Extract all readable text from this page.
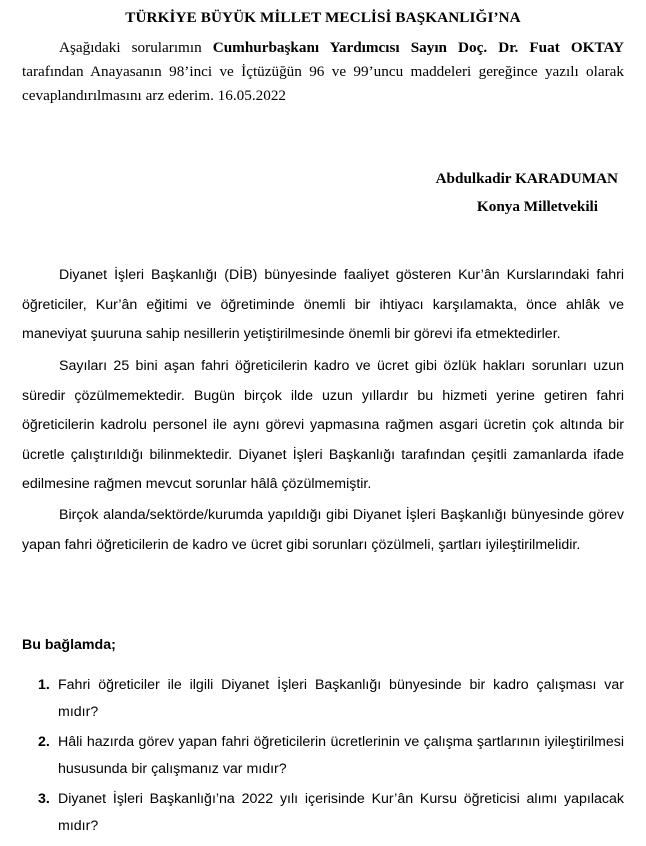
TÜRKİYE BÜYÜK MİLLET MECLİSİ BAŞKANLIĞI’NA

Aşağıdaki sorularımın Cumhurbaşkanı Yardımcısı Sayın Doç. Dr. Fuat OKTAY tarafından Anayasanın 98’inci ve İçtüzüğün 96 ve 99’uncu maddeleri gereğince yazılı olarak cevaplandırılmasını arz ederim. 16.05.2022

Abdulkadir KARADUMAN
Konya Milletvekili

Diyanet İşleri Başkanlığı (DİB) bünyesinde faaliyet gösteren Kur’ân Kurslarındaki fahri öğreticiler, Kur’ân eğitimi ve öğretiminde önemli bir ihtiyacı karşılamakta, önce ahlâk ve maneviyat şuuruna sahip nesillerin yetiştirilmesinde önemli bir görevi ifa etmektedirler.

Sayıları 25 bini aşan fahri öğreticilerin kadro ve ücret gibi özlük hakları sorunları uzun süredir çözülmemektedir. Bugün birçok ilde uzun yıllardır bu hizmeti yerine getiren fahri öğreticilerin kadrolu personel ile aynı görevi yapmasına rağmen asgari ücretin çok altında bir ücretle çalıştırıldığı bilinmektedir. Diyanet İşleri Başkanlığı tarafından çeşitli zamanlarda ifade edilmesine rağmen mevcut sorunlar hâlâ çözülmemiştir.

Birçok alanda/sektörde/kurumda yapıldığı gibi Diyanet İşleri Başkanlığı bünyesinde görev yapan fahri öğreticilerin de kadro ve ücret gibi sorunları çözülmeli, şartları iyileştirilmelidir.

Bu bağlamda;
1. Fahri öğreticiler ile ilgili Diyanet İşleri Başkanlığı bünyesinde bir kadro çalışması var mıdır?
2. Hâli hazırda görev yapan fahri öğreticilerin ücretlerinin ve çalışma şartlarının iyileştirilmesi hususunda bir çalışmanız var mıdır?
3. Diyanet İşleri Başkanlığı’na 2022 yılı içerisinde Kur’ân Kursu öğreticisi alımı yapılacak mıdır?
